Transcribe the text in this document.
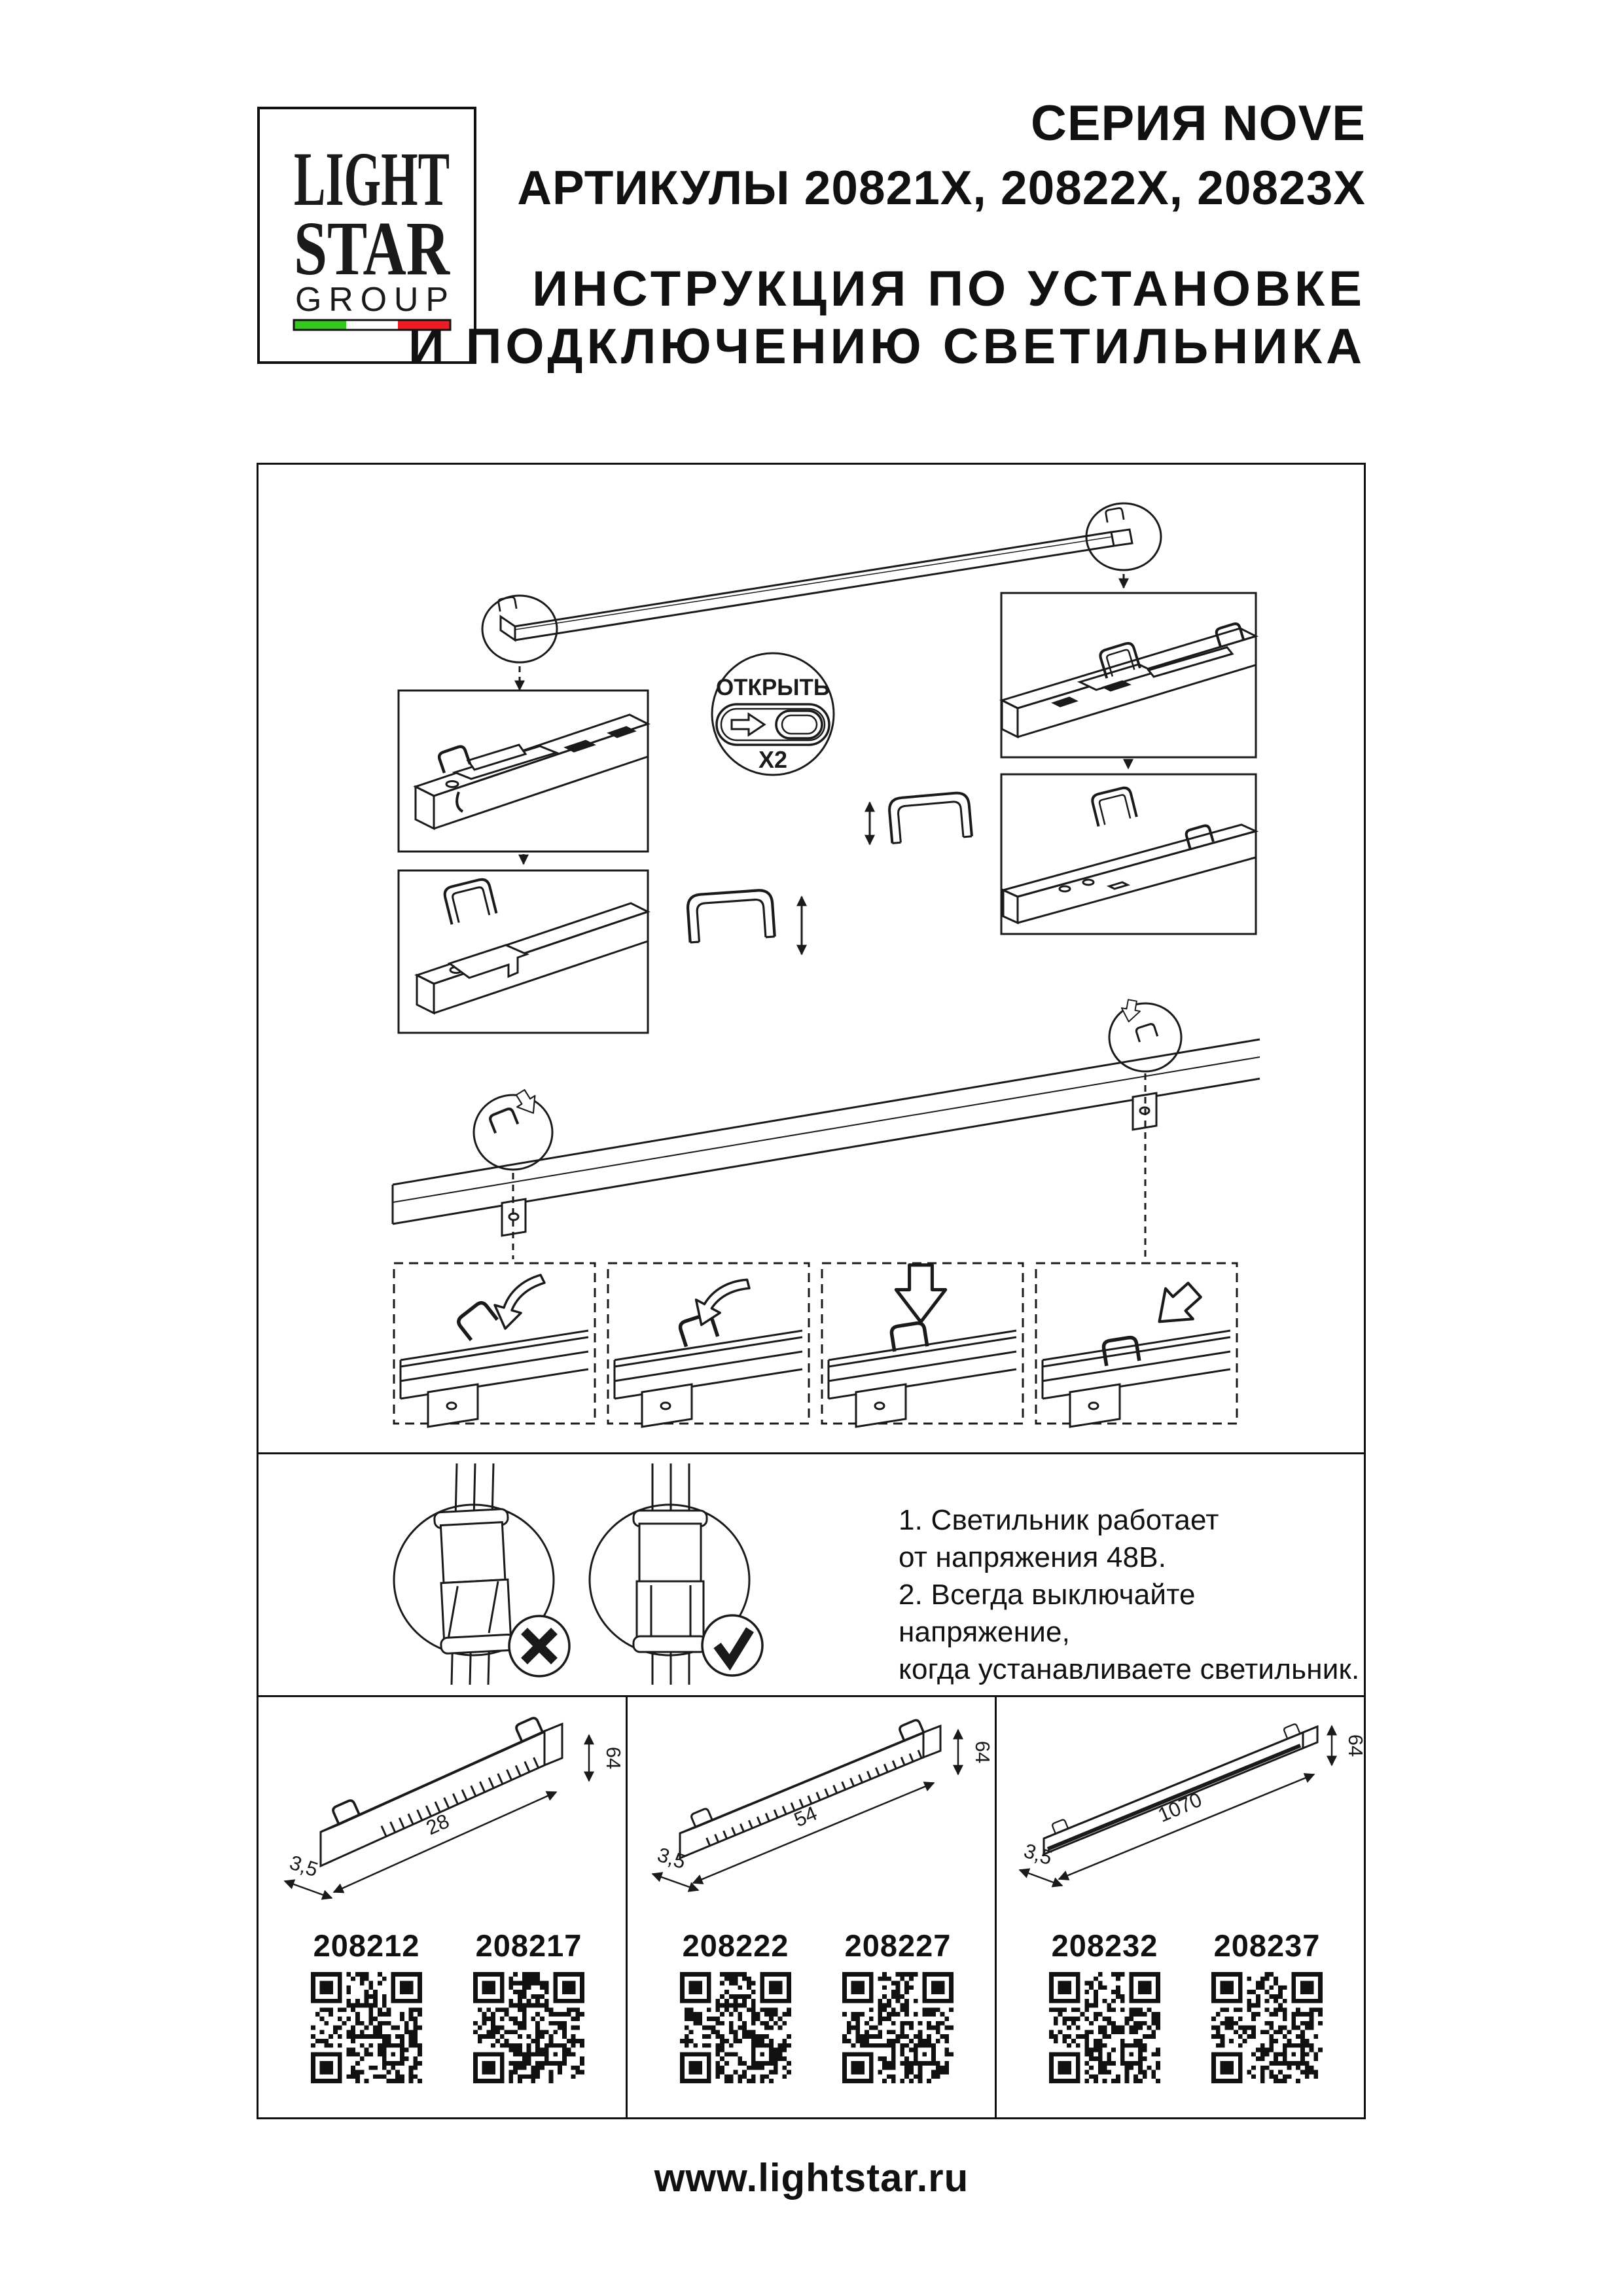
LIGHT
STAR
GROUP
СЕРИЯ NOVE
АРТИКУЛЫ 20821X, 20822X, 20823X
ИНСТРУКЦИЯ ПО УСТАНОВКЕ
И ПОДКЛЮЧЕНИЮ СВЕТИЛЬНИКА
ОТКРЫТЬ
X2
1. Светильник работает
от напряжения 48В.
2. Всегда выключайте напряжение,
когда устанавливаете светильник.
64
28
3,5
208212 208217
64
54
3,5
208222 208227
64
1070
3,5
208232 208237
www.lightstar.ru
